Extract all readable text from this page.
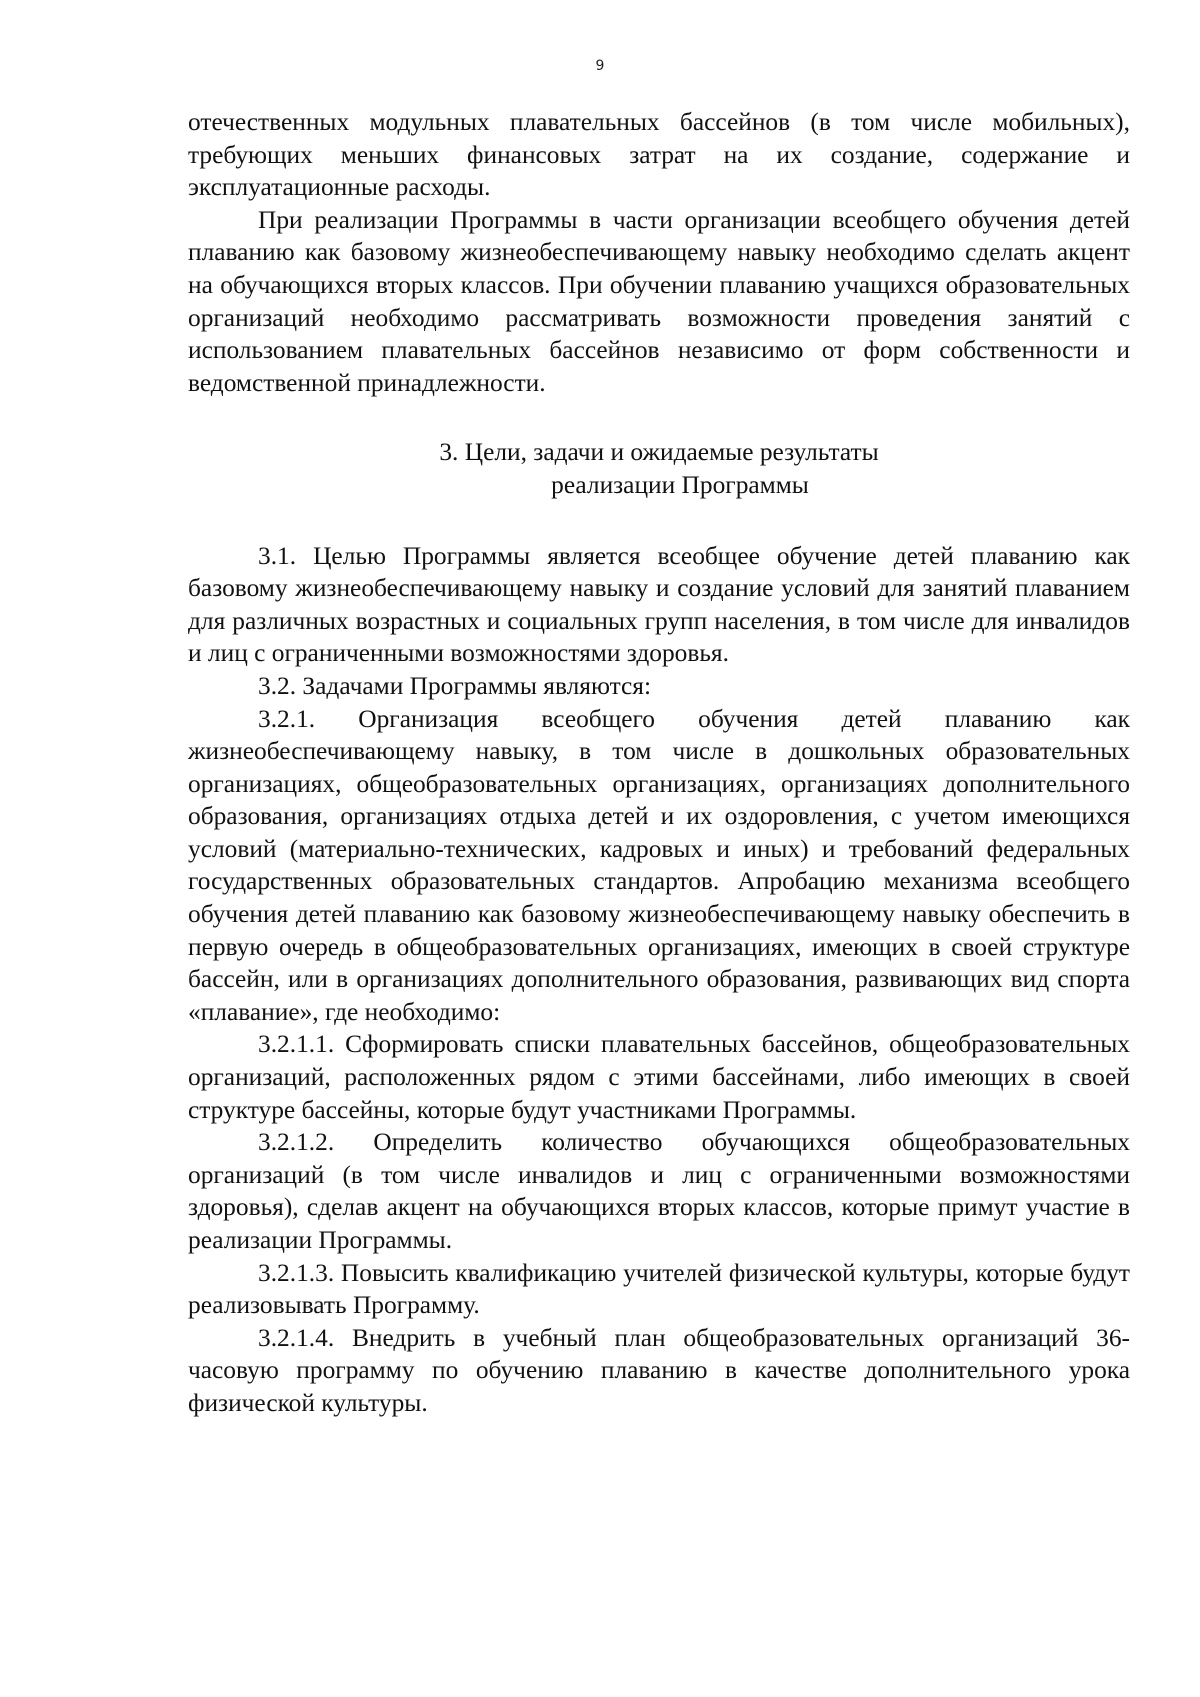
9

отечественных модульных плавательных бассейнов (в том числе мобильных), требующих меньших финансовых затрат на их создание, содержание и эксплуатационные расходы.

При реализации Программы в части организации всеобщего обучения детей плаванию как базовому жизнеобеспечивающему навыку необходимо сделать акцент на обучающихся вторых классов. При обучении плаванию учащихся образовательных организаций необходимо рассматривать возможности проведения занятий с использованием плавательных бассейнов независимо от форм собственности и ведомственной принадлежности.

3. Цели, задачи и ожидаемые результаты
реализации Программы

3.1. Целью Программы является всеобщее обучение детей плаванию как базовому жизнеобеспечивающему навыку и создание условий для занятий плаванием для различных возрастных и социальных групп населения, в том числе для инвалидов и лиц с ограниченными возможностями здоровья.

3.2. Задачами Программы являются:

3.2.1. Организация всеобщего обучения детей плаванию как жизнеобеспечивающему навыку, в том числе в дошкольных образовательных организациях, общеобразовательных организациях, организациях дополнительного образования, организациях отдыха детей и их оздоровления, с учетом имеющихся условий (материально-технических, кадровых и иных) и требований федеральных государственных образовательных стандартов. Апробацию механизма всеобщего обучения детей плаванию как базовому жизнеобеспечивающему навыку обеспечить в первую очередь в общеобразовательных организациях, имеющих в своей структуре бассейн, или в организациях дополнительного образования, развивающих вид спорта «плавание», где необходимо:

3.2.1.1. Сформировать списки плавательных бассейнов, общеобразовательных организаций, расположенных рядом с этими бассейнами, либо имеющих в своей структуре бассейны, которые будут участниками Программы.

3.2.1.2. Определить количество обучающихся общеобразовательных организаций (в том числе инвалидов и лиц с ограниченными возможностями здоровья), сделав акцент на обучающихся вторых классов, которые примут участие в реализации Программы.

3.2.1.3. Повысить квалификацию учителей физической культуры, которые будут реализовывать Программу.

3.2.1.4. Внедрить в учебный план общеобразовательных организаций 36-часовую программу по обучению плаванию в качестве дополнительного урока физической культуры.
